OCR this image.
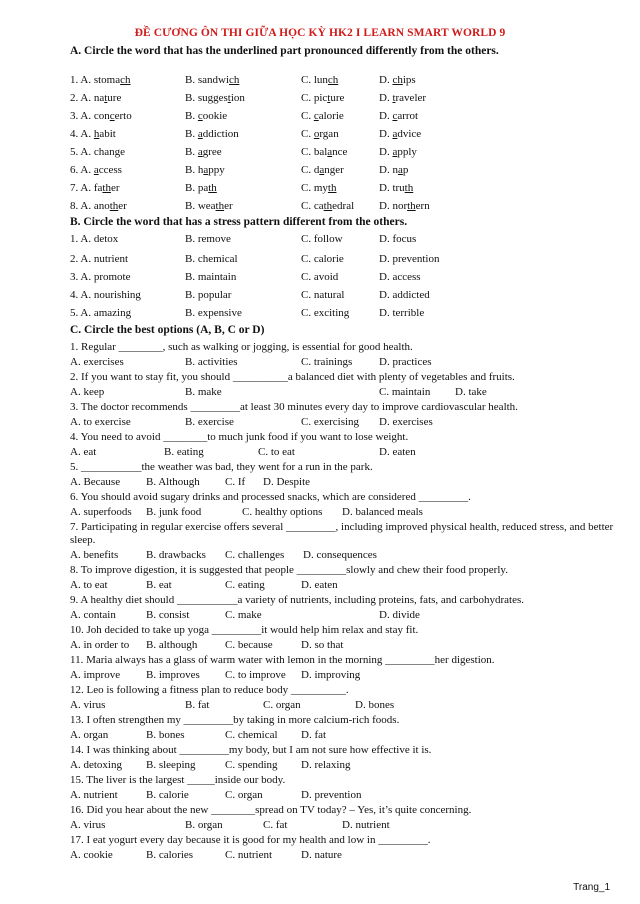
ĐỀ CƯƠNG ÔN THI GIỮA HỌC KỲ HK2 I LEARN SMART WORLD 9
A. Circle the word that has the underlined part pronounced differently from the others.
1. A. stomach	B. sandwich	C. lunch	D. chips
2. A. nature	B. suggestion	C. picture	D. traveler
3. A. concerto	B. cookie	C. calorie	D. carrot
4. A. habit	B. addiction	C. organ	D. advice
5. A. change	B. agree	C. balance	D. apply
6. A. access	B. happy	C. danger	D. nap
7. A. father	B. path	C. myth	D. truth
8. A. another	B. weather	C. cathedral D. northern
B. Circle the word that has a stress pattern different from the others.
1. A. detox	B. remove	C. follow	D. focus
2. A. nutrient	B. chemical	C. calorie	D. prevention
3. A. promote	B. maintain	C. avoid	D. access
4. A. nourishing	B. popular	C. natural	D. addicted
5. A. amazing	B. expensive	C. exciting	D. terrible
C. Circle the best options (A, B, C or D)
1. Regular ________, such as walking or jogging, is essential for good health.
A. exercises	B. activities	C. trainings D. practices
2. If you want to stay fit, you should __________a balanced diet with plenty of vegetables and fruits.
A. keep	B. make	C. maintain D. take
3. The doctor recommends _________at least 30 minutes every day to improve cardiovascular health.
A. to exercise	B. exercise	C. exercising D. exercises
4. You need to avoid ________to much junk food if you want to lose weight.
A. eat	B. eating	C. to eat	D. eaten
5. ___________the weather was bad, they went for a run in the park.
A. Because B. Although C. If D. Despite
6. You should avoid sugary drinks and processed snacks, which are considered _________.
A. superfoods B. junk food	C. healthy options D. balanced meals
7. Participating in regular exercise offers several _________, including improved physical health, reduced stress, and better sleep.
A. benefits	B. drawbacks C. challenges D. consequences
8. To improve digestion, it is suggested that people _________slowly and chew their food properly.
A. to eat	B. eat	C. eating	D. eaten
9. A healthy diet should ___________a variety of nutrients, including proteins, fats, and carbohydrates.
A. contain	B. consist	C. make	D. divide
10. Joh decided to take up yoga _________it would help him relax and stay fit.
A. in order to B. although	C. because	D. so that
11. Maria always has a glass of warm water with lemon in the morning _________her digestion.
A. improve B. improves C. to improve D. improving
12. Leo is following a fitness plan to reduce body __________.
A. virus	B. fat	C. organ	D. bones
13. I often strengthen my _________by taking in more calcium-rich foods.
A. organ	B. bones	C. chemical D. fat
14. I was thinking about _________my body, but I am not sure how effective it is.
A. detoxing B. sleeping	C. spending D. relaxing
15. The liver is the largest _____inside our body.
A. nutrient	B. calorie	C. organ	D. prevention
16. Did you hear about the new ________spread on TV today? – Yes, it’s quite concerning.
A. virus	B. organ	C. fat	D. nutrient
17. I eat yogurt every day because it is good for my health and low in _________.
A. cookie	B. calories	C. nutrient	D. nature
Trang_1
